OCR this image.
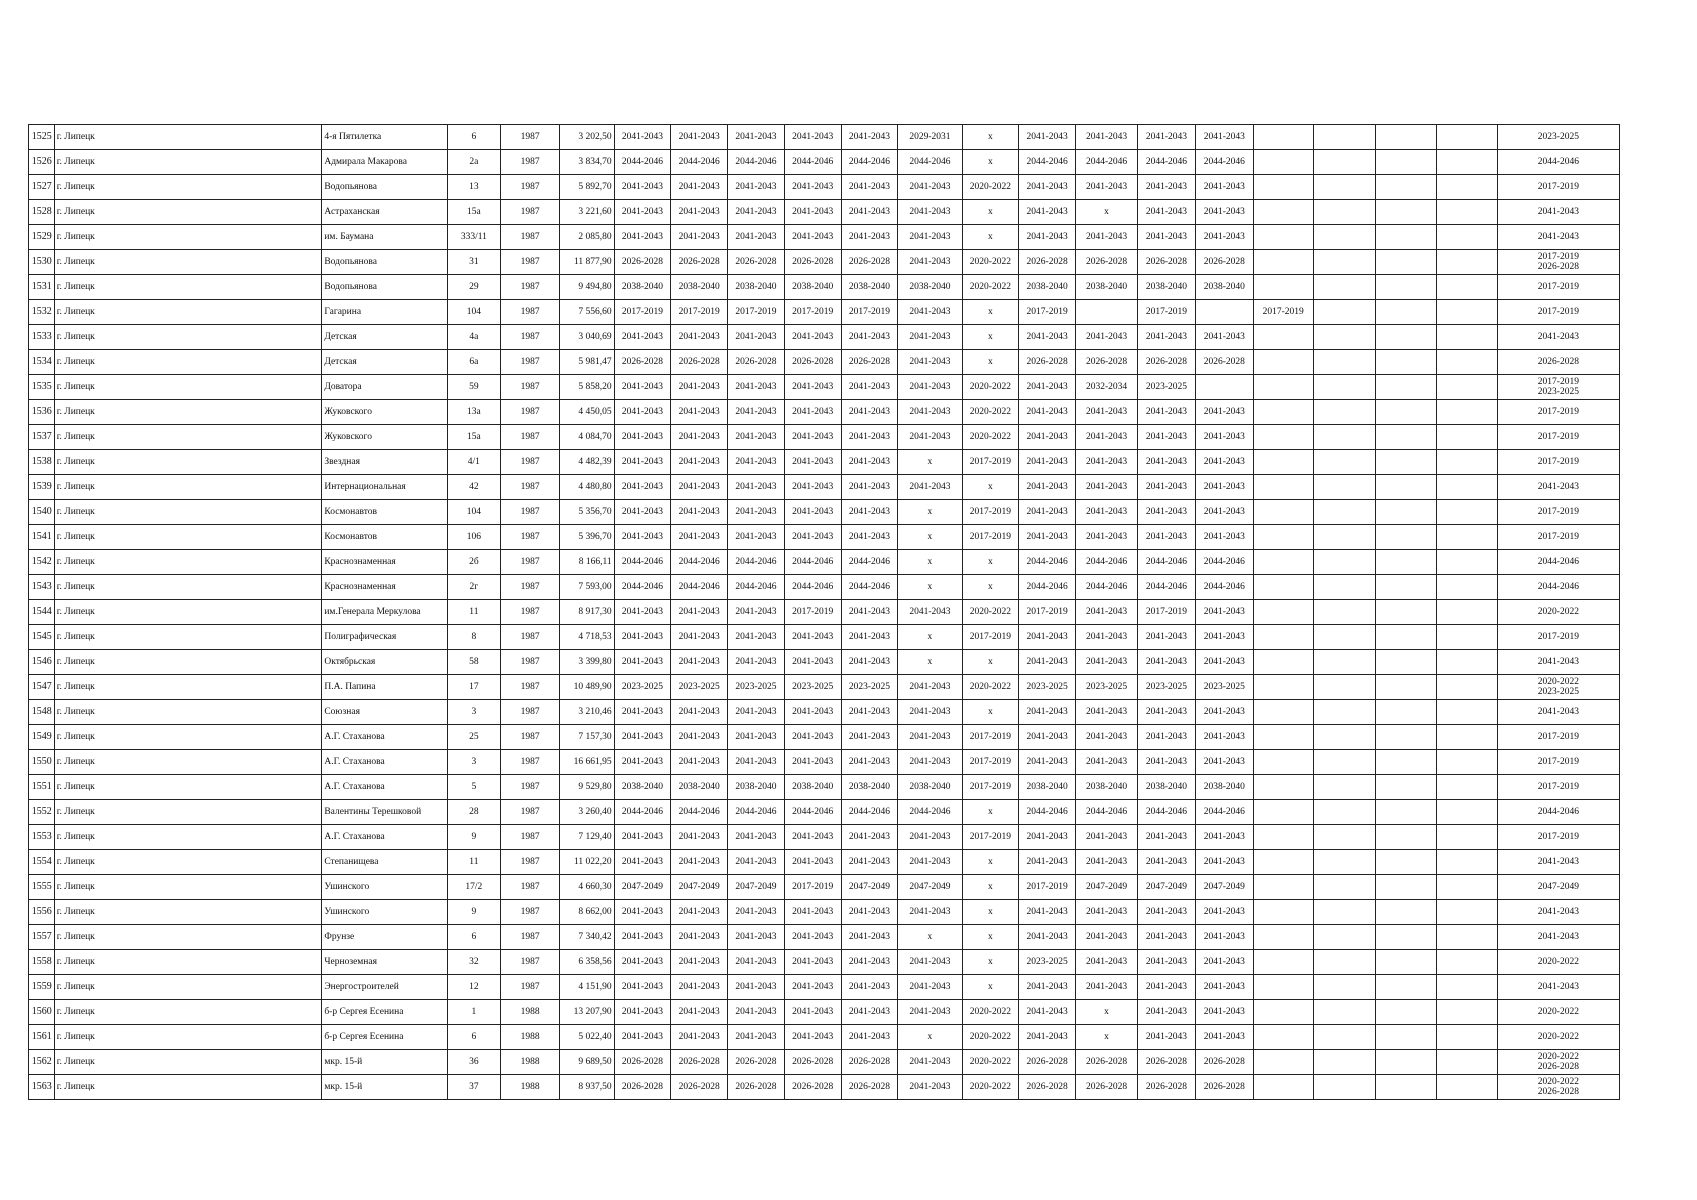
1525	г. Липецк	4-я Пятилетка	6	1987	3 202,50	2041-2043	2041-2043	2041-2043	2041-2043	2041-2043	2029-2031	x	2041-2043	2041-2043	2041-2043	2041-2043					2023-2025

1526	г. Липецк	Адмирала Макарова	2а	1987	3 834,70	2044-2046	2044-2046	2044-2046	2044-2046	2044-2046	2044-2046	x	2044-2046	2044-2046	2044-2046	2044-2046					2044-2046

1527	г. Липецк	Водопьянова	13	1987	5 892,70	2041-2043	2041-2043	2041-2043	2041-2043	2041-2043	2041-2043	2020-2022	2041-2043	2041-2043	2041-2043	2041-2043					2017-2019

1528	г. Липецк	Астраханская	15а	1987	3 221,60	2041-2043	2041-2043	2041-2043	2041-2043	2041-2043	2041-2043	x	2041-2043	x	2041-2043	2041-2043					2041-2043

1529	г. Липецк	им. Баумана	333/11	1987	2 085,80	2041-2043	2041-2043	2041-2043	2041-2043	2041-2043	2041-2043	x	2041-2043	2041-2043	2041-2043	2041-2043					2041-2043

1530	г. Липецк	Водопьянова	31	1987	11 877,90	2026-2028	2026-2028	2026-2028	2026-2028	2026-2028	2041-2043	2020-2022	2026-2028	2026-2028	2026-2028	2026-2028					2017-2019
2026-2028

1531	г. Липецк	Водопьянова	29	1987	9 494,80	2038-2040	2038-2040	2038-2040	2038-2040	2038-2040	2038-2040	2020-2022	2038-2040	2038-2040	2038-2040	2038-2040					2017-2019

1532	г. Липецк	Гагарина	104	1987	7 556,60	2017-2019	2017-2019	2017-2019	2017-2019	2017-2019	2041-2043	x	2017-2019		2017-2019		2017-2019				2017-2019

1533	г. Липецк	Детская	4а	1987	3 040,69	2041-2043	2041-2043	2041-2043	2041-2043	2041-2043	2041-2043	x	2041-2043	2041-2043	2041-2043	2041-2043					2041-2043

1534	г. Липецк	Детская	6а	1987	5 981,47	2026-2028	2026-2028	2026-2028	2026-2028	2026-2028	2041-2043	x	2026-2028	2026-2028	2026-2028	2026-2028					2026-2028

1535	г. Липецк	Доватора	59	1987	5 858,20	2041-2043	2041-2043	2041-2043	2041-2043	2041-2043	2041-2043	2020-2022	2041-2043	2032-2034	2023-2025						2017-2019
2023-2025

1536	г. Липецк	Жуковского	13а	1987	4 450,05	2041-2043	2041-2043	2041-2043	2041-2043	2041-2043	2041-2043	2020-2022	2041-2043	2041-2043	2041-2043	2041-2043					2017-2019

1537	г. Липецк	Жуковского	15а	1987	4 084,70	2041-2043	2041-2043	2041-2043	2041-2043	2041-2043	2041-2043	2020-2022	2041-2043	2041-2043	2041-2043	2041-2043					2017-2019

1538	г. Липецк	Звездная	4/1	1987	4 482,39	2041-2043	2041-2043	2041-2043	2041-2043	2041-2043	x	2017-2019	2041-2043	2041-2043	2041-2043	2041-2043					2017-2019

1539	г. Липецк	Интернациональная	42	1987	4 480,80	2041-2043	2041-2043	2041-2043	2041-2043	2041-2043	2041-2043	x	2041-2043	2041-2043	2041-2043	2041-2043					2041-2043

1540	г. Липецк	Космонавтов	104	1987	5 356,70	2041-2043	2041-2043	2041-2043	2041-2043	2041-2043	x	2017-2019	2041-2043	2041-2043	2041-2043	2041-2043					2017-2019

1541	г. Липецк	Космонавтов	106	1987	5 396,70	2041-2043	2041-2043	2041-2043	2041-2043	2041-2043	x	2017-2019	2041-2043	2041-2043	2041-2043	2041-2043					2017-2019

1542	г. Липецк	Краснознаменная	2б	1987	8 166,11	2044-2046	2044-2046	2044-2046	2044-2046	2044-2046	x	x	2044-2046	2044-2046	2044-2046	2044-2046					2044-2046

1543	г. Липецк	Краснознаменная	2г	1987	7 593,00	2044-2046	2044-2046	2044-2046	2044-2046	2044-2046	x	x	2044-2046	2044-2046	2044-2046	2044-2046					2044-2046

1544	г. Липецк	им.Генерала Меркулова	11	1987	8 917,30	2041-2043	2041-2043	2041-2043	2017-2019	2041-2043	2041-2043	2020-2022	2017-2019	2041-2043	2017-2019	2041-2043					2020-2022

1545	г. Липецк	Полиграфическая	8	1987	4 718,53	2041-2043	2041-2043	2041-2043	2041-2043	2041-2043	x	2017-2019	2041-2043	2041-2043	2041-2043	2041-2043					2017-2019

1546	г. Липецк	Октябрьская	58	1987	3 399,80	2041-2043	2041-2043	2041-2043	2041-2043	2041-2043	x	x	2041-2043	2041-2043	2041-2043	2041-2043					2041-2043

1547	г. Липецк	П.А. Папина	17	1987	10 489,90	2023-2025	2023-2025	2023-2025	2023-2025	2023-2025	2041-2043	2020-2022	2023-2025	2023-2025	2023-2025	2023-2025					2020-2022
2023-2025

1548	г. Липецк	Союзная	3	1987	3 210,46	2041-2043	2041-2043	2041-2043	2041-2043	2041-2043	2041-2043	x	2041-2043	2041-2043	2041-2043	2041-2043					2041-2043

1549	г. Липецк	А.Г. Стаханова	25	1987	7 157,30	2041-2043	2041-2043	2041-2043	2041-2043	2041-2043	2041-2043	2017-2019	2041-2043	2041-2043	2041-2043	2041-2043					2017-2019

1550	г. Липецк	А.Г. Стаханова	3	1987	16 661,95	2041-2043	2041-2043	2041-2043	2041-2043	2041-2043	2041-2043	2017-2019	2041-2043	2041-2043	2041-2043	2041-2043					2017-2019

1551	г. Липецк	А.Г. Стаханова	5	1987	9 529,80	2038-2040	2038-2040	2038-2040	2038-2040	2038-2040	2038-2040	2017-2019	2038-2040	2038-2040	2038-2040	2038-2040					2017-2019

1552	г. Липецк	Валентины Терешковой	28	1987	3 260,40	2044-2046	2044-2046	2044-2046	2044-2046	2044-2046	2044-2046	x	2044-2046	2044-2046	2044-2046	2044-2046					2044-2046

1553	г. Липецк	А.Г. Стаханова	9	1987	7 129,40	2041-2043	2041-2043	2041-2043	2041-2043	2041-2043	2041-2043	2017-2019	2041-2043	2041-2043	2041-2043	2041-2043					2017-2019

1554	г. Липецк	Степанищева	11	1987	11 022,20	2041-2043	2041-2043	2041-2043	2041-2043	2041-2043	2041-2043	x	2041-2043	2041-2043	2041-2043	2041-2043					2041-2043

1555	г. Липецк	Ушинского	17/2	1987	4 660,30	2047-2049	2047-2049	2047-2049	2017-2019	2047-2049	2047-2049	x	2017-2019	2047-2049	2047-2049	2047-2049					2047-2049

1556	г. Липецк	Ушинского	9	1987	8 662,00	2041-2043	2041-2043	2041-2043	2041-2043	2041-2043	2041-2043	x	2041-2043	2041-2043	2041-2043	2041-2043					2041-2043

1557	г. Липецк	Фрунзе	6	1987	7 340,42	2041-2043	2041-2043	2041-2043	2041-2043	2041-2043	x	x	2041-2043	2041-2043	2041-2043	2041-2043					2041-2043

1558	г. Липецк	Черноземная	32	1987	6 358,56	2041-2043	2041-2043	2041-2043	2041-2043	2041-2043	2041-2043	x	2023-2025	2041-2043	2041-2043	2041-2043					2020-2022

1559	г. Липецк	Энергостроителей	12	1987	4 151,90	2041-2043	2041-2043	2041-2043	2041-2043	2041-2043	2041-2043	x	2041-2043	2041-2043	2041-2043	2041-2043					2041-2043

1560	г. Липецк	б-р Сергея Есенина	1	1988	13 207,90	2041-2043	2041-2043	2041-2043	2041-2043	2041-2043	2041-2043	2020-2022	2041-2043	x	2041-2043	2041-2043					2020-2022

1561	г. Липецк	б-р Сергея Есенина	6	1988	5 022,40	2041-2043	2041-2043	2041-2043	2041-2043	2041-2043	x	2020-2022	2041-2043	x	2041-2043	2041-2043					2020-2022

1562	г. Липецк	мкр. 15-й	36	1988	9 689,50	2026-2028	2026-2028	2026-2028	2026-2028	2026-2028	2041-2043	2020-2022	2026-2028	2026-2028	2026-2028	2026-2028					2020-2022
2026-2028

1563	г. Липецк	мкр. 15-й	37	1988	8 937,50	2026-2028	2026-2028	2026-2028	2026-2028	2026-2028	2041-2043	2020-2022	2026-2028	2026-2028	2026-2028	2026-2028					2020-2022
2026-2028
